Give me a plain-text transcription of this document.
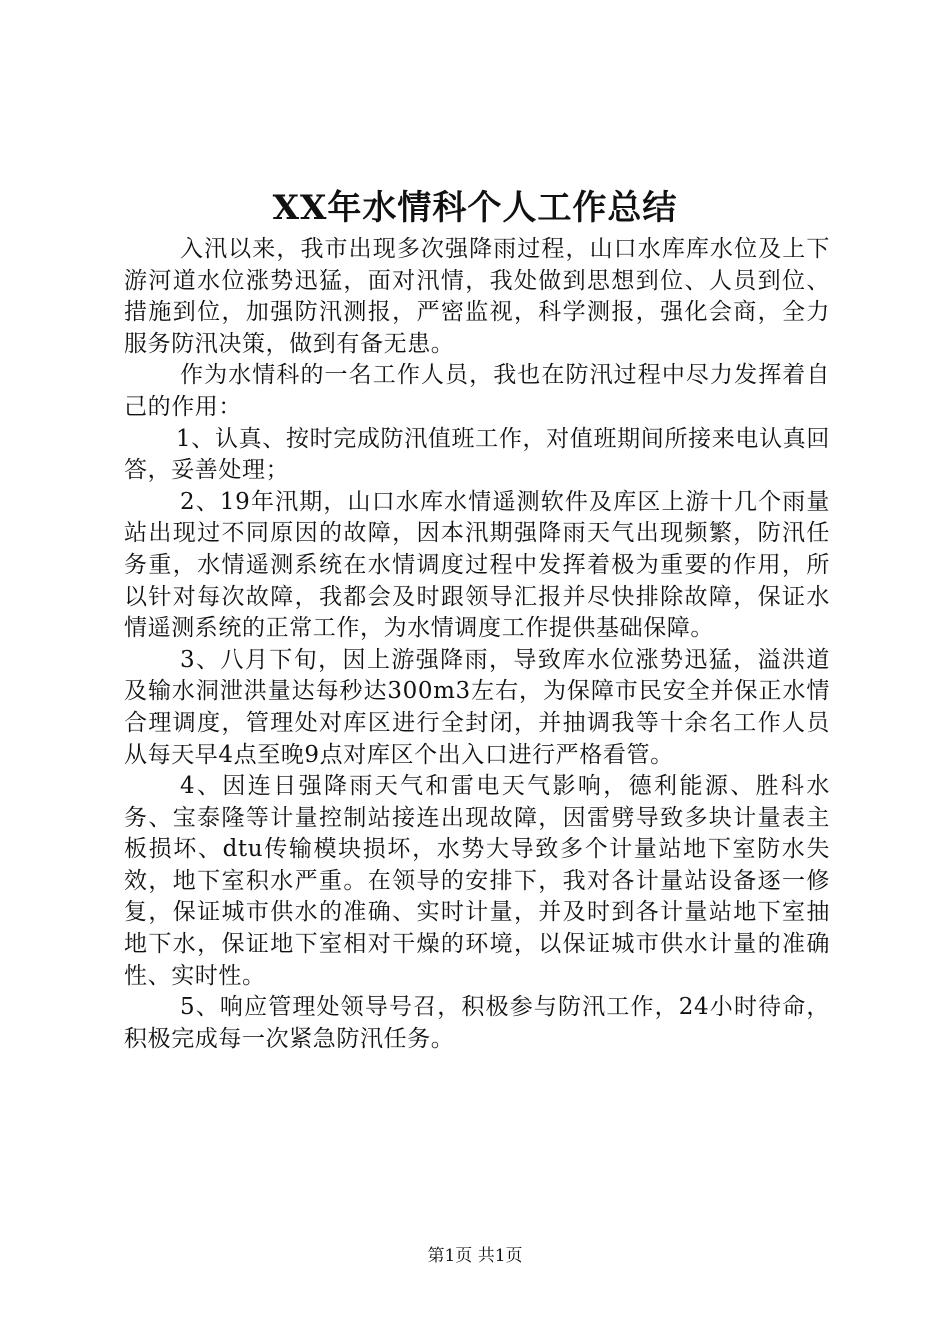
XX年水情科个人工作总结

入汛以来，我市出现多次强降雨过程，山口水库库水位及上下游河道水位涨势迅猛，面对汛情，我处做到思想到位、人员到位、措施到位，加强防汛测报，严密监视，科学测报，强化会商，全力服务防汛决策，做到有备无患。

作为水情科的一名工作人员，我也在防汛过程中尽力发挥着自己的作用：

1、认真、按时完成防汛值班工作，对值班期间所接来电认真回答，妥善处理；

2、19年汛期，山口水库水情遥测软件及库区上游十几个雨量站出现过不同原因的故障，因本汛期强降雨天气出现频繁，防汛任务重，水情遥测系统在水情调度过程中发挥着极为重要的作用，所以针对每次故障，我都会及时跟领导汇报并尽快排除故障，保证水情遥测系统的正常工作，为水情调度工作提供基础保障。

3、八月下旬，因上游强降雨，导致库水位涨势迅猛，溢洪道及输水洞泄洪量达每秒达300m3左右，为保障市民安全并保正水情合理调度，管理处对库区进行全封闭，并抽调我等十余名工作人员从每天早4点至晚9点对库区个出入口进行严格看管。

4、因连日强降雨天气和雷电天气影响，德利能源、胜科水务、宝泰隆等计量控制站接连出现故障，因雷劈导致多块计量表主板损坏、dtu传输模块损坏，水势大导致多个计量站地下室防水失效，地下室积水严重。在领导的安排下，我对各计量站设备逐一修复，保证城市供水的准确、实时计量，并及时到各计量站地下室抽地下水，保证地下室相对干燥的环境，以保证城市供水计量的准确性、实时性。

5、响应管理处领导号召，积极参与防汛工作，24小时待命，积极完成每一次紧急防汛任务。

第1页 共1页
